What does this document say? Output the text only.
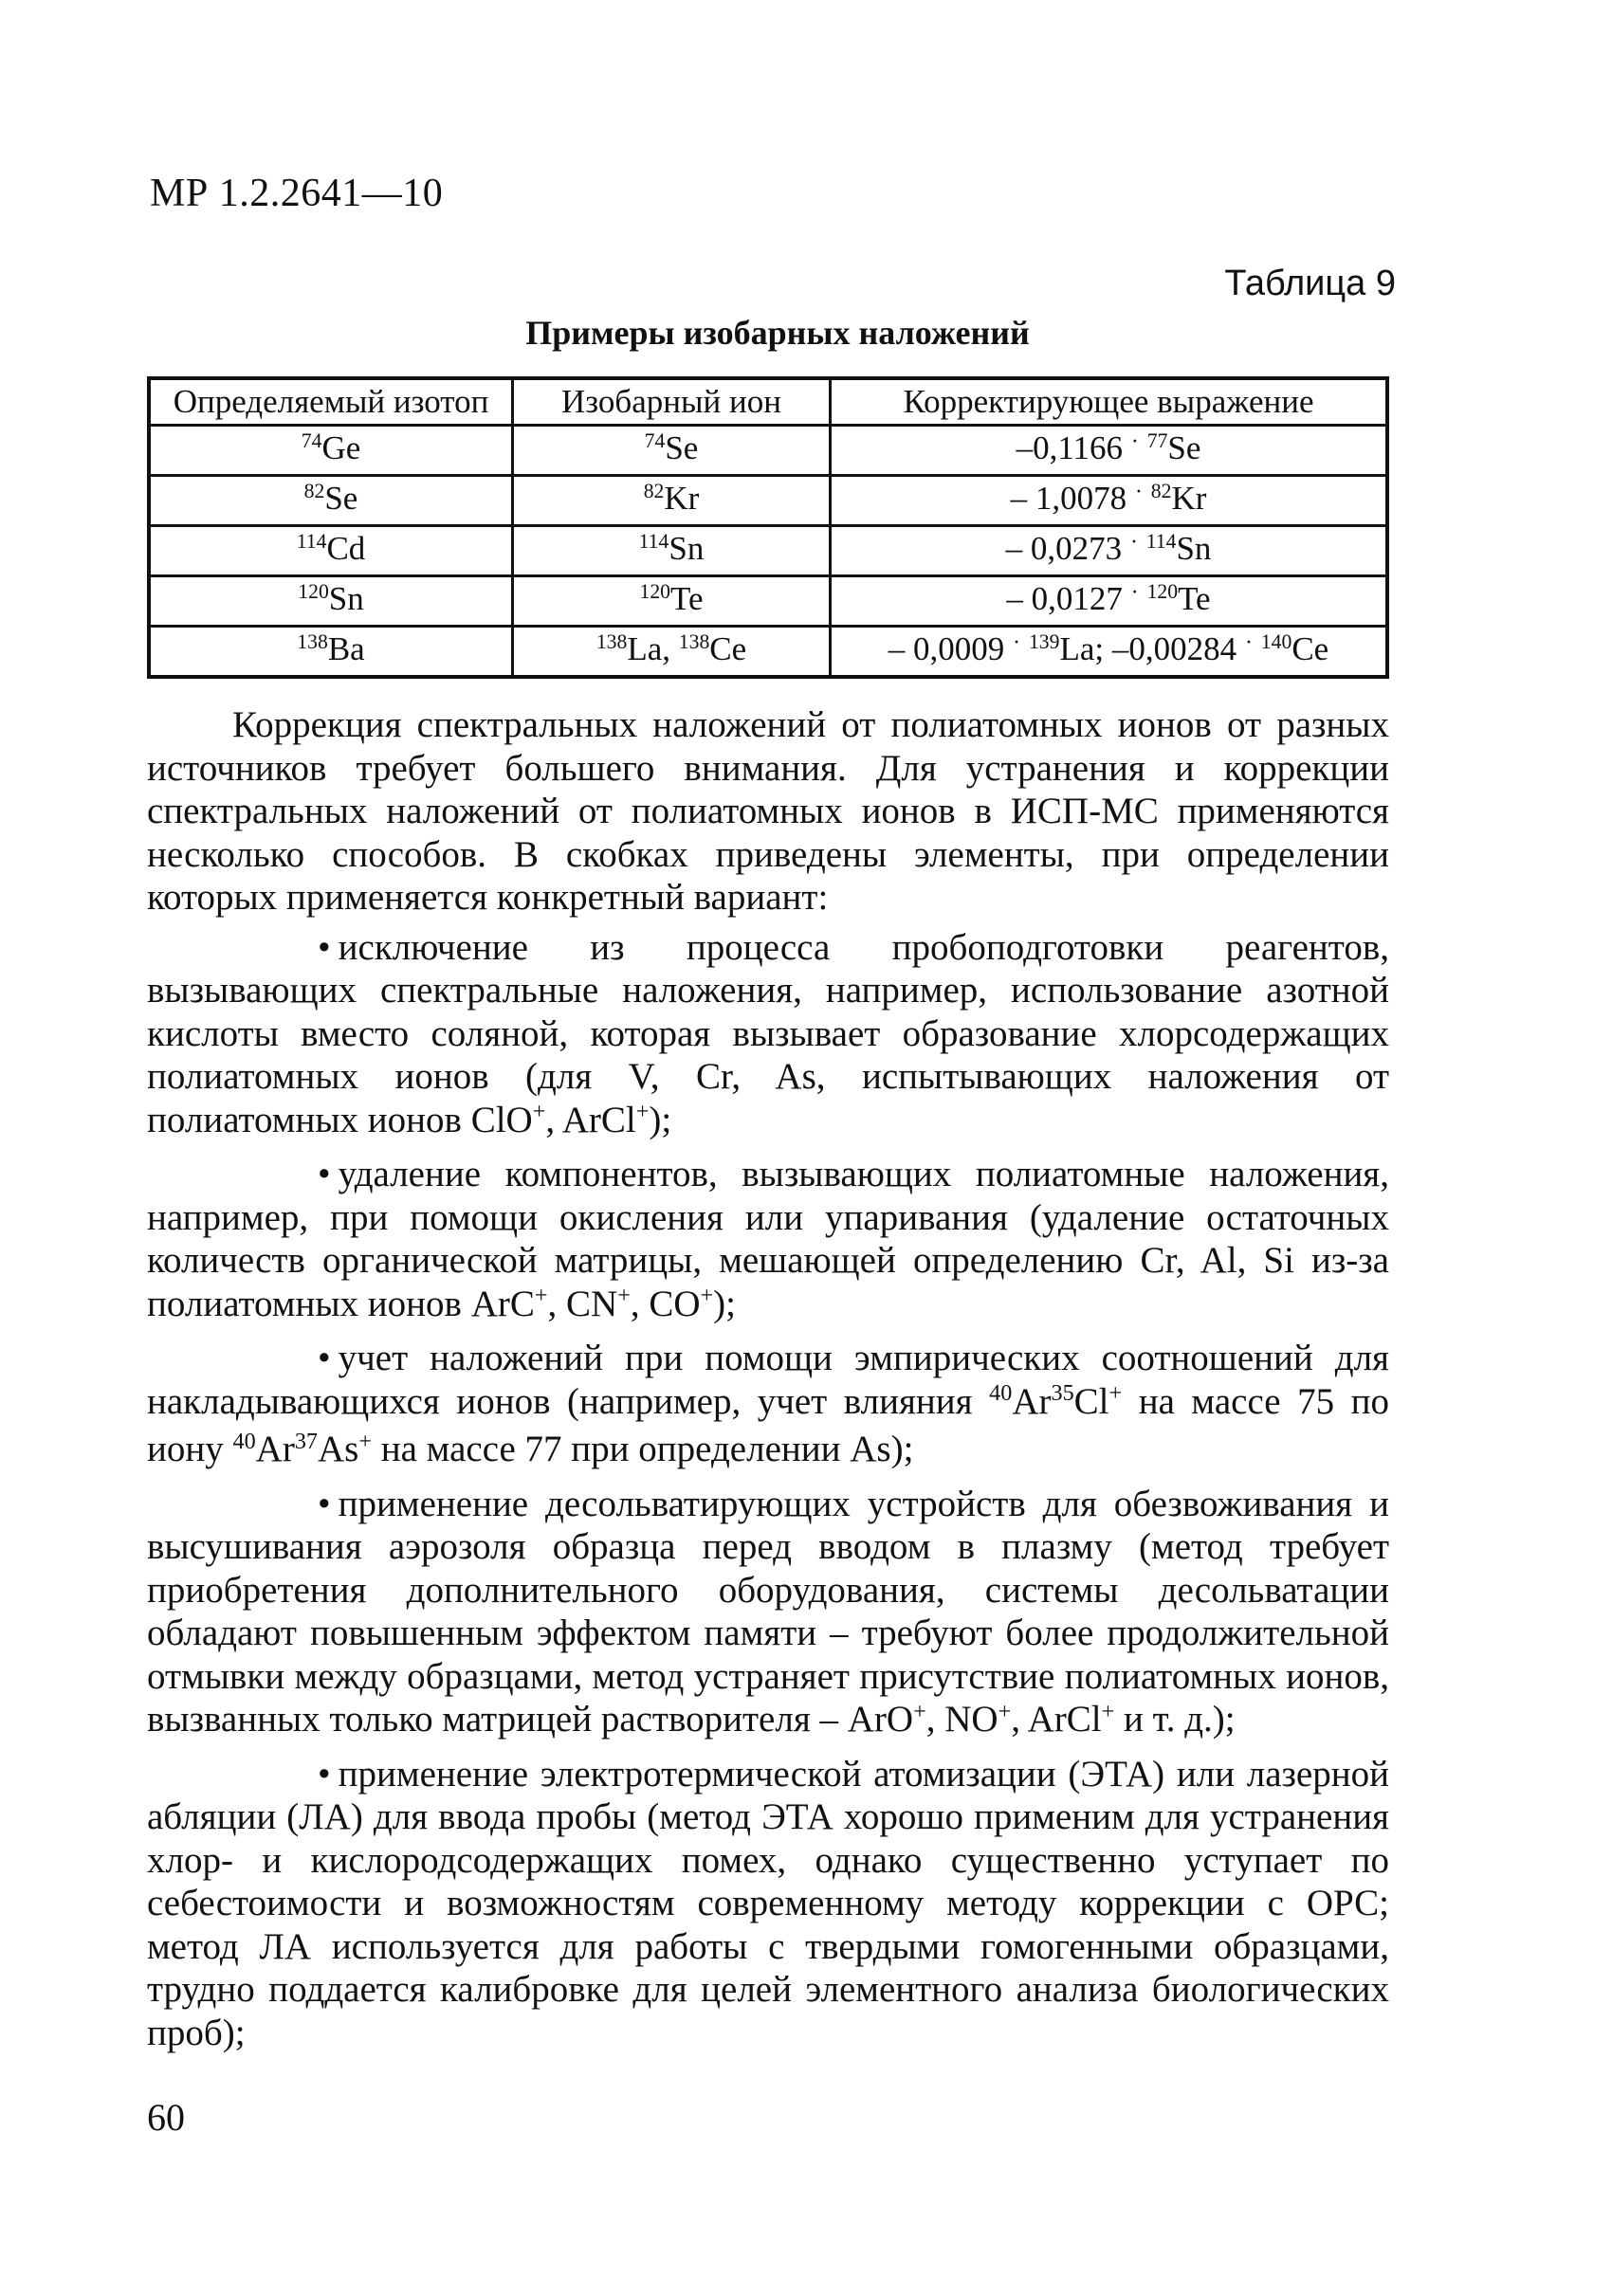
МР 1.2.2641—10
Таблица 9
Примеры изобарных наложений
Определяемый изотоп	Изобарный ион	Корректирующее выражение
$^{74}$Ge	$^{74}$Se	–0,1166 · $^{77}$Se
$^{82}$Se	$^{82}$Kr	– 1,0078 · $^{82}$Kr
$^{114}$Cd	$^{114}$Sn	– 0,0273 · $^{114}$Sn
$^{120}$Sn	$^{120}$Te	– 0,0127 · $^{120}$Te
$^{138}$Ba	$^{138}$La, $^{138}$Ce	– 0,0009 · $^{139}$La; –0,00284 · $^{140}$Ce

Коррекция спектральных наложений от полиатомных ионов от разных источников требует большего внимания. Для устранения и коррекции спектральных наложений от полиатомных ионов в ИСП-МС применяются несколько способов. В скобках приведены элементы, при определении которых применяется конкретный вариант:

• исключение из процесса пробоподготовки реагентов, вызывающих спектральные наложения, например, использование азотной кислоты вместо соляной, которая вызывает образование хлорсодержащих полиатомных ионов (для V, Cr, As, испытывающих наложения от полиатомных ионов ClO+, ArCl+);

• удаление компонентов, вызывающих полиатомные наложения, например, при помощи окисления или упаривания (удаление остаточных количеств органической матрицы, мешающей определению Cr, Al, Si из-за полиатомных ионов ArC+, CN+, CO+);

• учет наложений при помощи эмпирических соотношений для накладывающихся ионов (например, учет влияния $^{40}$Ar$^{35}$Cl+ на массе 75 по иону $^{40}$Ar$^{37}$As+ на массе 77 при определении As);

• применение десольватирующих устройств для обезвоживания и высушивания аэрозоля образца перед вводом в плазму (метод требует приобретения дополнительного оборудования, системы десольватации обладают повышенным эффектом памяти – требуют более продолжительной отмывки между образцами, метод устраняет присутствие полиатомных ионов, вызванных только матрицей растворителя – ArO+, NO+, ArCl+ и т. д.);

• применение электротермической атомизации (ЭТА) или лазерной абляции (ЛА) для ввода пробы (метод ЭТА хорошо применим для устранения хлор- и кислородсодержащих помех, однако существенно уступает по себестоимости и возможностям современному методу коррекции с ОРС; метод ЛА используется для работы с твердыми гомогенными образцами, трудно поддается калибровке для целей элементного анализа биологических проб);

60
